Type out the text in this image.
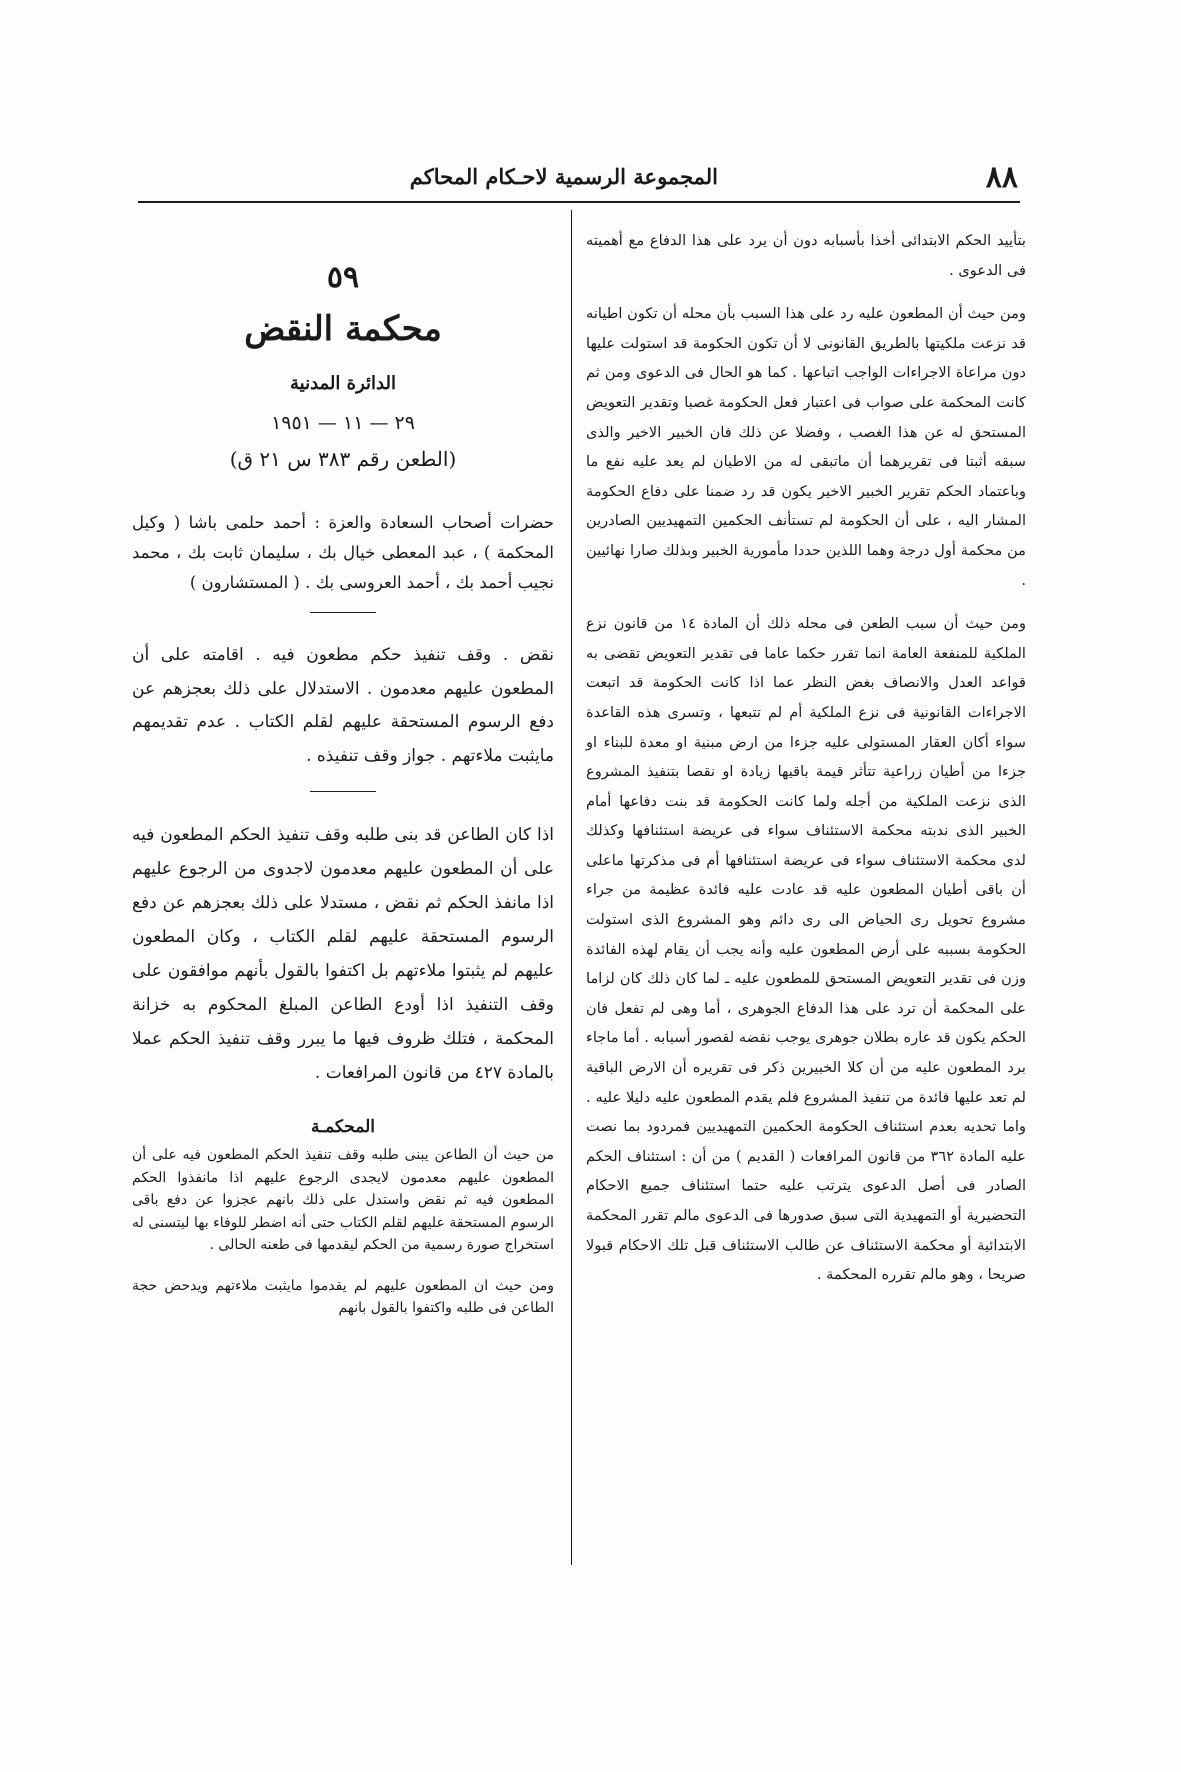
٨٨
المجموعة الرسمية لاحـكام المحاكم

بتأييد الحكم الابتدائى أخذا بأسبابه دون أن يرد على هذا الدفاع مع أهميته فى الدعوى .

ومن حيث أن المطعون عليه رد على هذا السبب بأن محله أن تكون اطيانه قد نزعت ملكيتها بالطريق القانونى لا أن تكون الحكومة قد استولت عليها دون مراعاة الاجراءات الواجب اتباعها . كما هو الحال فى الدعوى ومن ثم كانت المحكمة على صواب فى اعتبار فعل الحكومة غصبا وتقدير التعويض المستحق له عن هذا الغصب ، وفضلا عن ذلك فان الخبير الاخير والذى سبقه أثبتا فى تقريرهما أن ماتبقى له من الاطيان لم يعد عليه نفع ما وباعتماد الحكم تقرير الخبير الاخير يكون قد رد ضمنا على دفاع الحكومة المشار اليه ، على أن الحكومة لم تستأنف الحكمين التمهيديين الصادرين من محكمة أول درجة وهما اللذين حددا مأمورية الخبير وبذلك صارا نهائيين .

ومن حيث أن سبب الطعن فى محله ذلك أن المادة ١٤ من قانون نزع الملكية للمنفعة العامة انما تقرر حكما عاما فى تقدير التعويض تقضى به قواعد العدل والانصاف بغض النظر عما اذا كانت الحكومة قد اتبعت الاجراءات القانونية فى نزع الملكية أم لم تتبعها ، وتسرى هذه القاعدة سواء أكان العقار المستولى عليه جزءا من ارض مبنية او معدة للبناء او جزءا من أطيان زراعية تتأثر قيمة باقيها زيادة او نقصا بتنفيذ المشروع الذى نزعت الملكية من أجله ولما كانت الحكومة قد بنت دفاعها أمام الخبير الذى ندبته محكمة الاستئناف سواء فى عريضة استئنافها وكذلك لدى محكمة الاستئناف سواء فى عريضة استئنافها أم فى مذكرتها ماعلى أن باقى أطيان المطعون عليه قد عادت عليه فائدة عظيمة من جراء مشروع تحويل رى الحياض الى رى دائم وهو المشروع الذى استولت الحكومة بسببه على أرض المطعون عليه وأنه يجب أن يقام لهذه الفائدة وزن فى تقدير التعويض المستحق للمطعون عليه ـ لما كان ذلك كان لزاما على المحكمة أن ترد على هذا الدفاع الجوهرى ، أما وهى لم تفعل فان الحكم يكون قد عاره بطلان جوهرى يوجب نقضه لقصور أسبابه . أما ماجاء برد المطعون عليه من أن كلا الخبيرين ذكر فى تقريره أن الارض الباقية لم تعد عليها فائدة من تنفيذ المشروع فلم يقدم المطعون عليه دليلا عليه . واما تحديه بعدم استئناف الحكومة الحكمين التمهيديين فمردود بما نصت عليه المادة ٣٦٢ من قانون المرافعات ( القديم ) من أن : استئناف الحكم الصادر فى أصل الدعوى يترتب عليه حتما استئناف جميع الاحكام التحضيرية أو التمهيدية التى سبق صدورها فى الدعوى مالم تقرر المحكمة الابتدائية أو محكمة الاستئناف عن طالب الاستئناف قبل تلك الاحكام قبولا صريحا ، وهو مالم تقرره المحكمة .

٥٩

محكمة النقض

الدائرة المدنية

٢٩ — ١١ — ١٩٥١

(الطعن رقم ٣٨٣ س ٢١ ق)

حضرات أصحاب السعادة والعزة : أحمد حلمى باشا ( وكيل المحكمة ) ، عبد المعطى خيال بك ، سليمان ثابت بك ، محمد نجيب أحمد بك ، أحمد العروسى بك . ( المستشارون )

نقض . وقف تنفيذ حكم مطعون فيه . اقامته على أن المطعون عليهم معدمون . الاستدلال على ذلك بعجزهم عن دفع الرسوم المستحقة عليهم لقلم الكتاب . عدم تقديمهم مايثبت ملاءتهم . جواز وقف تنفيذه .

اذا كان الطاعن قد بنى طلبه وقف تنفيذ الحكم المطعون فيه على أن المطعون عليهم معدمون لاجدوى من الرجوع عليهم اذا مانفذ الحكم ثم نقض ، مستدلا على ذلك بعجزهم عن دفع الرسوم المستحقة عليهم لقلم الكتاب ، وكان المطعون عليهم لم يثبتوا ملاءتهم بل اكتفوا بالقول بأنهم موافقون على وقف التنفيذ اذا أودع الطاعن المبلغ المحكوم به خزانة المحكمة ، فتلك ظروف فيها ما يبرر وقف تنفيذ الحكم عملا بالمادة ٤٢٧ من قانون المرافعات .

المحكمـة

من حيث أن الطاعن يبنى طلبه وقف تنفيذ الحكم المطعون فيه على أن المطعون عليهم معدمون لايجدى الرجوع عليهم اذا مانفذوا الحكم المطعون فيه ثم نقض واستدل على ذلك بانهم عجزوا عن دفع باقى الرسوم المستحقة عليهم لقلم الكتاب حتى أنه اضطر للوفاء بها ليتسنى له استخراج صورة رسمية من الحكم ليقدمها فى طعنه الحالى .

ومن حيث ان المطعون عليهم لم يقدموا مايثبت ملاءتهم ويدحض حجة الطاعن فى طلبه واكتفوا بالقول بانهم
